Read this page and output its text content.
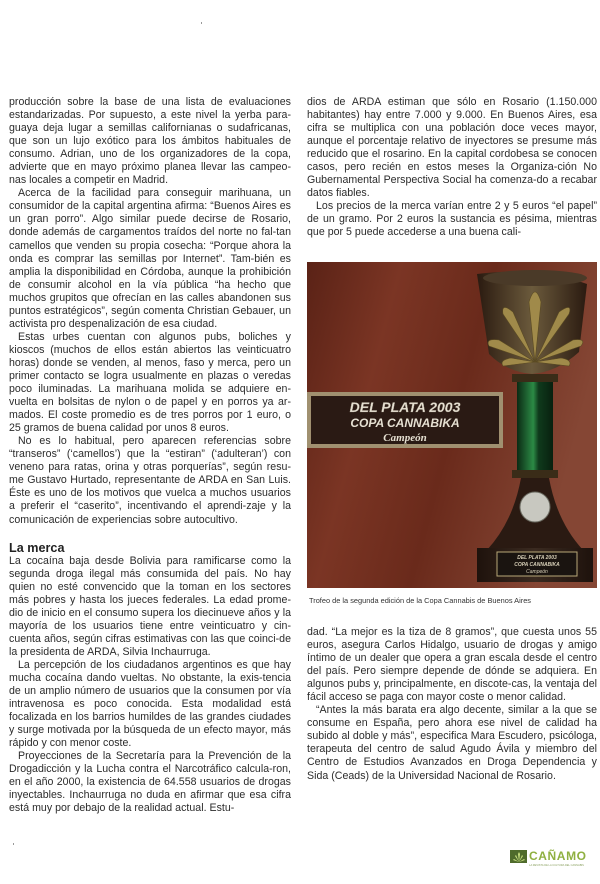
producción sobre la base de una lista de evaluaciones estandarizadas. Por supuesto, a este nivel la yerba para-guaya deja lugar a semillas californianas o sudafricanas, que son un lujo exótico para los ámbitos habituales de consumo. Adrian, uno de los organizadores de la copa, advierte que en mayo próximo planea llevar las campeo-nas locales a competir en Madrid.

Acerca de la facilidad para conseguir marihuana, un consumidor de la capital argentina afirma: “Buenos Aires es un gran porro”. Algo similar puede decirse de Rosario, donde además de cargamentos traídos del norte no fal-tan camellos que venden su propia cosecha: “Porque ahora la onda es comprar las semillas por Internet”. Tam-bién es amplia la disponibilidad en Córdoba, aunque la prohibición de consumir alcohol en la vía pública “ha hecho que muchos grupitos que ofrecían en las calles abandonen sus puntos estratégicos”, según comenta Christian Gebauer, un activista pro despenalización de esa ciudad.

Estas urbes cuentan con algunos pubs, boliches y kioscos (muchos de ellos están abiertos las veinticuatro horas) donde se venden, al menos, faso y merca, pero un primer contacto se logra usualmente en plazas o veredas poco iluminadas. La marihuana molida se adquiere en-vuelta en bolsitas de nylon o de papel y en porros ya ar-mados. El coste promedio es de tres porros por 1 euro, o 25 gramos de buena calidad por unos 8 euros.

No es lo habitual, pero aparecen referencias sobre “transeros” (‘camellos’) que la “estiran” (‘adulteran’) con veneno para ratas, orina y otras porquerías”, según resu-me Gustavo Hurtado, representante de ARDA en San Luis. Éste es uno de los motivos que vuelca a muchos usuarios a preferir el “caserito”, incentivando el aprendi-zaje y la comunicación de experiencias sobre autocultivo.

La merca

La cocaína baja desde Bolivia para ramificarse como la segunda droga ilegal más consumida del país. No hay quien no esté convencido que la toman en los sectores más pobres y hasta los jueces federales. La edad prome-dio de inicio en el consumo supera los diecinueve años y la mayoría de los usuarios tiene entre veinticuatro y cin-cuenta años, según cifras estimativas con las que coinci-de la presidenta de ARDA, Silvia Inchaurruga.

La percepción de los ciudadanos argentinos es que hay mucha cocaína dando vueltas. No obstante, la exis-tencia de un amplio número de usuarios que la consumen por vía intravenosa es poco conocida. Esta modalidad está focalizada en los barrios humildes de las grandes ciudades y surge motivada por la búsqueda de un efecto mayor, más rápido y con menor coste.

Proyecciones de la Secretaría para la Prevención de la Drogadicción y la Lucha contra el Narcotráfico calcula-ron, en el año 2000, la existencia de 64.558 usuarios de drogas inyectables. Inchaurruga no duda en afirmar que esa cifra está muy por debajo de la realidad actual. Estu-

dios de ARDA estiman que sólo en Rosario (1.150.000 habitantes) hay entre 7.000 y 9.000. En Buenos Aires, esa cifra se multiplica con una población doce veces mayor, aunque el porcentaje relativo de inyectores se presume más reducido que el rosarino. En la capital cordobesa se conocen casos, pero recién en estos meses la Organiza-ción No Gubernamental Perspectiva Social ha comenza-do a recabar datos fiables.

Los precios de la merca varían entre 2 y 5 euros “el papel” de un gramo. Por 2 euros la sustancia es pésima, mientras que por 5 puede accederse a una buena cali-

DEL PLATA 2003
COPA CANNABIKA
Campeón
DEL PLATA 2003
COPA CANNABIKA
Campeón
Trofeo de la segunda edición de la Copa Cannabis de Buenos Aires

dad. “La mejor es la tiza de 8 gramos”, que cuesta unos 55 euros, asegura Carlos Hidalgo, usuario de drogas y amigo íntimo de un dealer que opera a gran escala desde el centro del país. Pero siempre depende de dónde se adquiera. En algunos pubs y, principalmente, en discote-cas, la ventaja del fácil acceso se paga con mayor coste o menor calidad.

“Antes la más barata era algo decente, similar a la que se consume en España, pero ahora ese nivel de calidad ha subido al doble y más”, especifica Mara Escudero, psicóloga, terapeuta del centro de salud Agudo Ávila y miembro del Centro de Estudios Avanzados en Droga Dependencia y Sida (Ceads) de la Universidad Nacional de Rosario.

CAÑAMO
LA REVISTA DE LA CULTURA DEL CANNABIS
